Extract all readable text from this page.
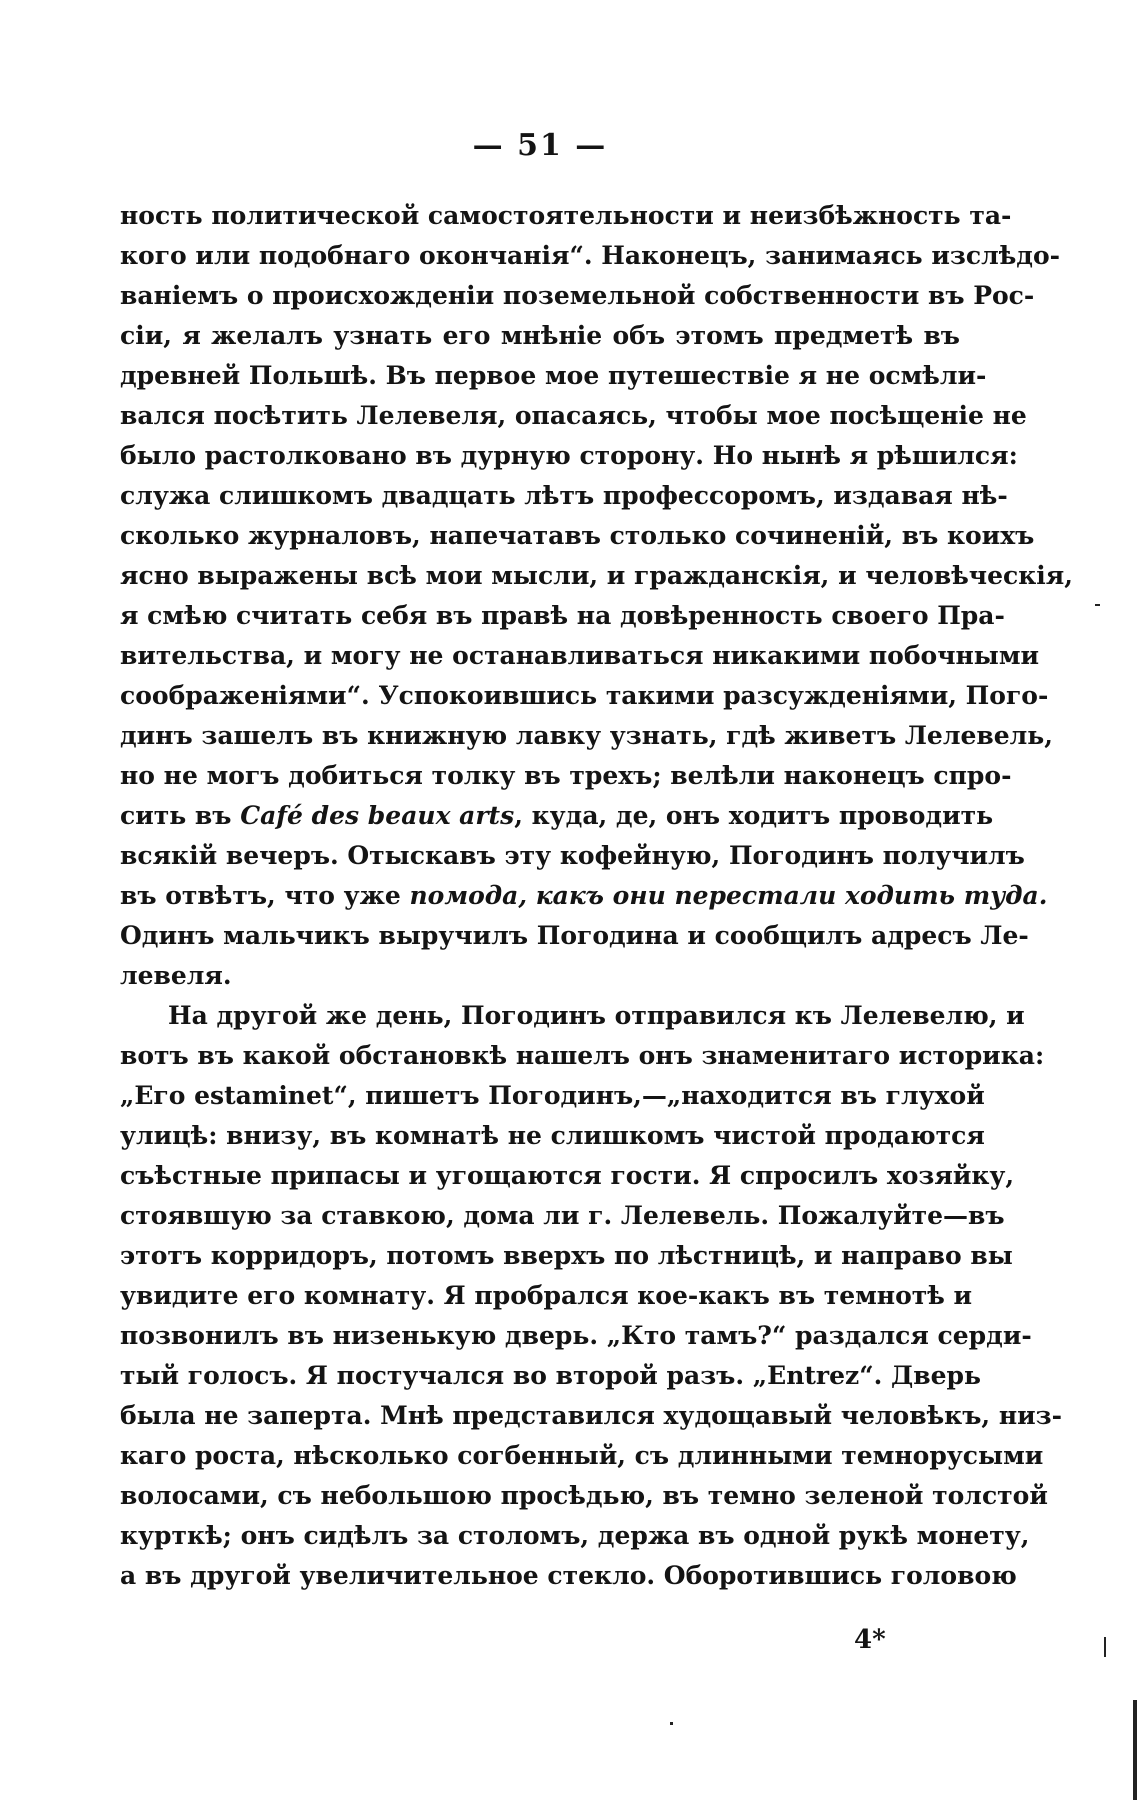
— 51 —
ность политической самостоятельности и неизбѣжность та-
кого или подобнаго окончанія“. Наконецъ, занимаясь изслѣдо-
ваніемъ о происхожденіи поземельной собственности въ Рос-
сіи, я желалъ узнать его мнѣніе объ этомъ предметѣ въ
древней Польшѣ. Въ первое мое путешествіе я не осмѣли-
вался посѣтить Лелевеля, опасаясь, чтобы мое посѣщеніе не
было растолковано въ дурную сторону. Но нынѣ я рѣшился:
служа слишкомъ двадцать лѣтъ профессоромъ, издавая нѣ-
сколько журналовъ, напечатавъ столько сочиненій, въ коихъ
ясно выражены всѣ мои мысли, и гражданскія, и человѣческія,
я смѣю считать себя въ правѣ на довѣренность своего Пра-
вительства, и могу не останавливаться никакими побочными
соображеніями“. Успокоившись такими разсужденіями, Пого-
динъ зашелъ въ книжную лавку узнать, гдѣ живетъ Лелевель,
но не могъ добиться толку въ трехъ; велѣли наконецъ спро-
сить въ Café des beaux arts, куда, де, онъ ходитъ проводить
всякій вечеръ. Отыскавъ эту кофейную, Погодинъ получилъ
въ отвѣтъ, что уже помода, какъ они перестали ходить туда.
Одинъ мальчикъ выручилъ Погодина и сообщилъ адресъ Ле-
левеля.
На другой же день, Погодинъ отправился къ Лелевелю, и
вотъ въ какой обстановкѣ нашелъ онъ знаменитаго историка:
„Его estaminet“, пишетъ Погодинъ,—„находится въ глухой
улицѣ: внизу, въ комнатѣ не слишкомъ чистой продаются
съѣстные припасы и угощаются гости. Я спросилъ хозяйку,
стоявшую за ставкою, дома ли г. Лелевель. Пожалуйте—въ
этотъ корридоръ, потомъ вверхъ по лѣстницѣ, и направо вы
увидите его комнату. Я пробрался кое-какъ въ темнотѣ и
позвонилъ въ низенькую дверь. „Кто тамъ?“ раздался серди-
тый голосъ. Я постучался во второй разъ. „Entrez“. Дверь
была не заперта. Мнѣ представился худощавый человѣкъ, низ-
каго роста, нѣсколько согбенный, съ длинными темнорусыми
волосами, съ небольшою просѣдью, въ темно зеленой толстой
курткѣ; онъ сидѣлъ за столомъ, держа въ одной рукѣ монету,
а въ другой увеличительное стекло. Оборотившись головою
4*
